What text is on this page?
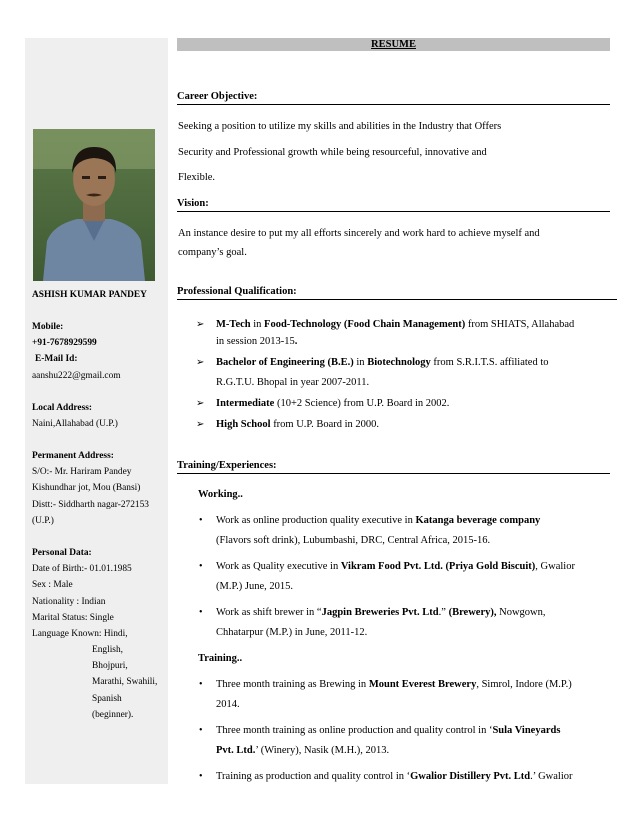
ASHISH KUMAR PANDEY
Mobile:
+91-7678929599
E-Mail Id:
aanshu222@gmail.com
Local Address:
Naini,Allahabad (U.P.)
Permanent Address:
S/O:- Mr. Hariram Pandey
Kishundhar jot, Mou (Bansi)
Distt:- Siddharth nagar-272153
(U.P.)
Personal Data:
Date of Birth:- 01.01.1985
Sex : Male
Nationality : Indian
Marital Status: Single
Language Known: Hindi,
English,
Bhojpuri,
Marathi, Swahili,
Spanish
(beginner).
RESUME
Career Objective:
Seeking a position to utilize my skills and abilities in the Industry that Offers
Security and Professional growth while being resourceful, innovative and
Flexible.
Vision:
An instance desire to put my all efforts sincerely and work hard to achieve myself and
company’s goal.
Professional Qualification:
➢ M-Tech in Food-Technology (Food Chain Management) from SHIATS, Allahabad
in session 2013-15.
➢ Bachelor of Engineering (B.E.) in Biotechnology from S.R.I.T.S. affiliated to
R.G.T.U. Bhopal in year 2007-2011.
➢ Intermediate (10+2 Science) from U.P. Board in 2002.
➢ High School from U.P. Board in 2000.
Training/Experiences:
Working..
• Work as online production quality executive in Katanga beverage company
(Flavors soft drink), Lubumbashi, DRC, Central Africa, 2015-16.
• Work as Quality executive in Vikram Food Pvt. Ltd. (Priya Gold Biscuit), Gwalior
(M.P.) June, 2015.
• Work as shift brewer in “Jagpin Breweries Pvt. Ltd.” (Brewery), Nowgown,
Chhatarpur (M.P.) in June, 2011-12.
Training..
• Three month training as Brewing in Mount Everest Brewery, Simrol, Indore (M.P.)
2014.
• Three month training as online production and quality control in ‘Sula Vineyards
Pvt. Ltd.’ (Winery), Nasik (M.H.), 2013.
• Training as production and quality control in ‘Gwalior Distillery Pvt. Ltd.’ Gwalior
